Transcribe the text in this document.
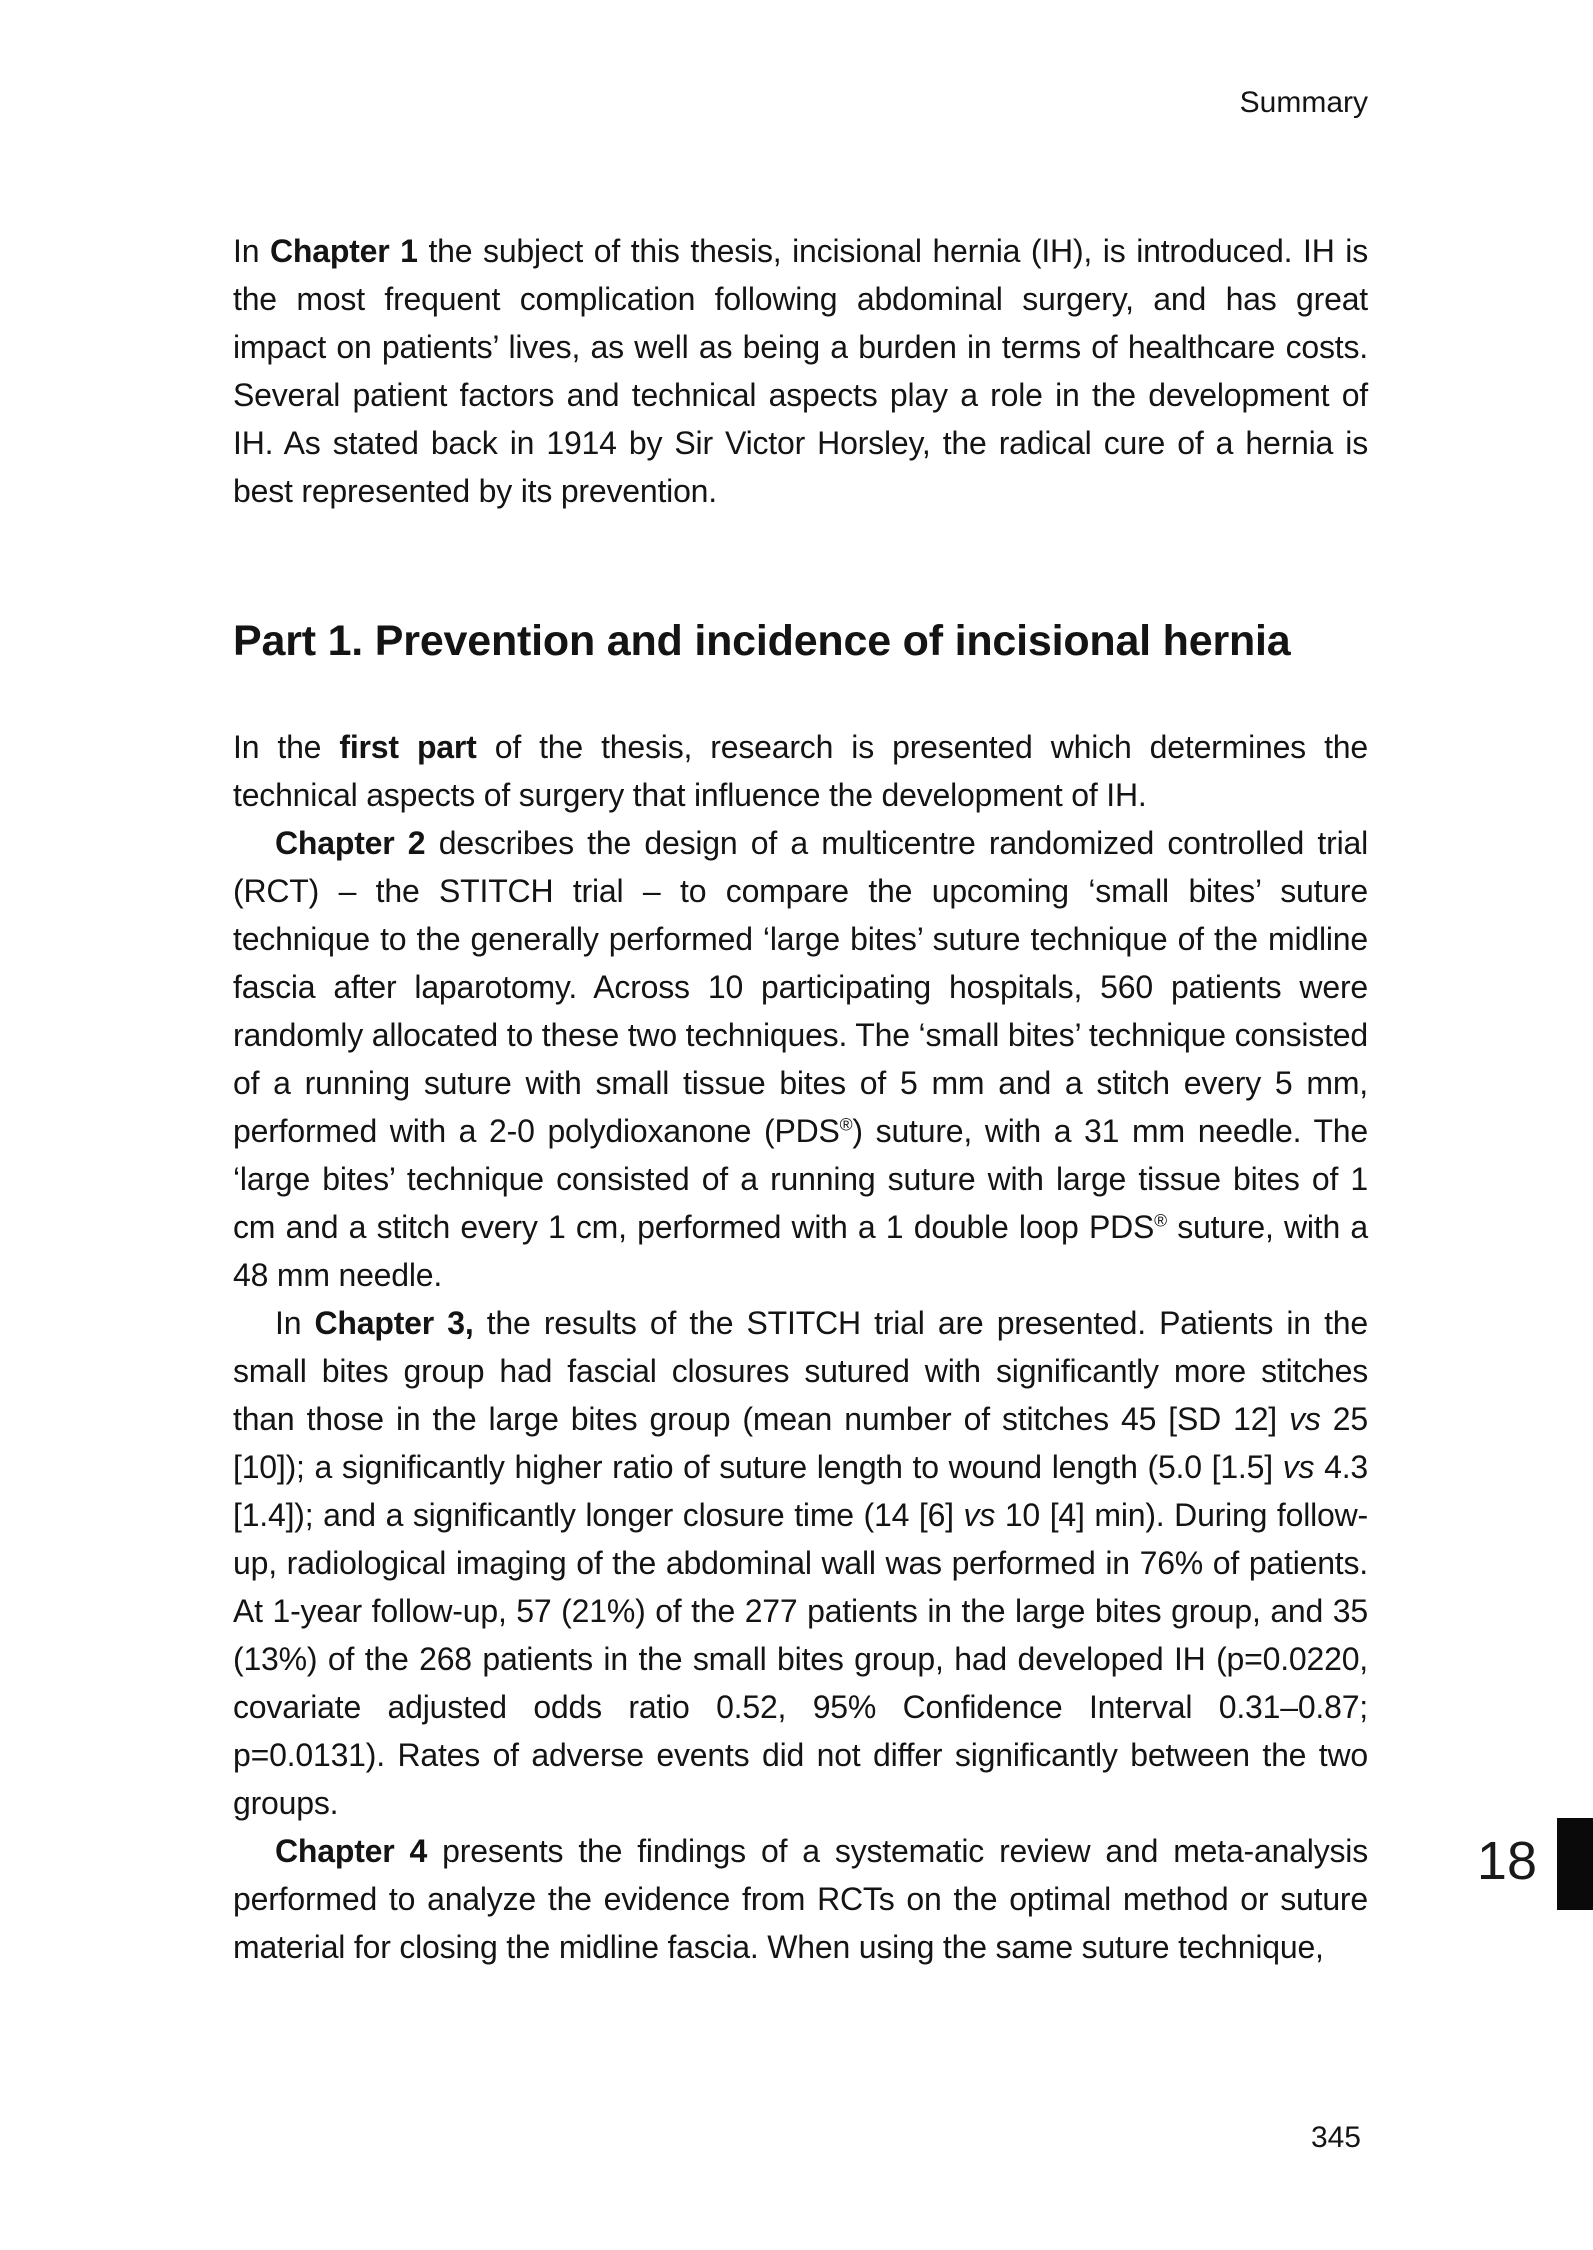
Summary

In Chapter 1 the subject of this thesis, incisional hernia (IH), is introduced. IH is the most frequent complication following abdominal surgery, and has great impact on patients’ lives, as well as being a burden in terms of healthcare costs. Several patient factors and technical aspects play a role in the development of IH. As stated back in 1914 by Sir Victor Horsley, the radical cure of a hernia is best represented by its prevention.

Part 1. Prevention and incidence of incisional hernia

In the first part of the thesis, research is presented which determines the technical aspects of surgery that influence the development of IH.

Chapter 2 describes the design of a multicentre randomized controlled trial (RCT) – the STITCH trial – to compare the upcoming ‘small bites’ suture technique to the generally performed ‘large bites’ suture technique of the midline fascia after laparotomy. Across 10 participating hospitals, 560 patients were randomly allocated to these two techniques. The ‘small bites’ technique consisted of a running suture with small tissue bites of 5 mm and a stitch every 5 mm, performed with a 2-0 polydioxanone (PDS®) suture, with a 31 mm needle. The ‘large bites’ technique consisted of a running suture with large tissue bites of 1 cm and a stitch every 1 cm, performed with a 1 double loop PDS® suture, with a 48 mm needle.

In Chapter 3, the results of the STITCH trial are presented. Patients in the small bites group had fascial closures sutured with significantly more stitches than those in the large bites group (mean number of stitches 45 [SD 12] vs 25 [10]); a significantly higher ratio of suture length to wound length (5.0 [1.5] vs 4.3 [1.4]); and a significantly longer closure time (14 [6] vs 10 [4] min). During follow-up, radiological imaging of the abdominal wall was performed in 76% of patients. At 1-year follow-up, 57 (21%) of the 277 patients in the large bites group, and 35 (13%) of the 268 patients in the small bites group, had developed IH (p=0.0220, covariate adjusted odds ratio 0.52, 95% Confidence Interval 0.31–0.87; p=0.0131). Rates of adverse events did not differ significantly between the two groups.

Chapter 4 presents the findings of a systematic review and meta-analysis performed to analyze the evidence from RCTs on the optimal method or suture material for closing the midline fascia. When using the same suture technique,

18
345
